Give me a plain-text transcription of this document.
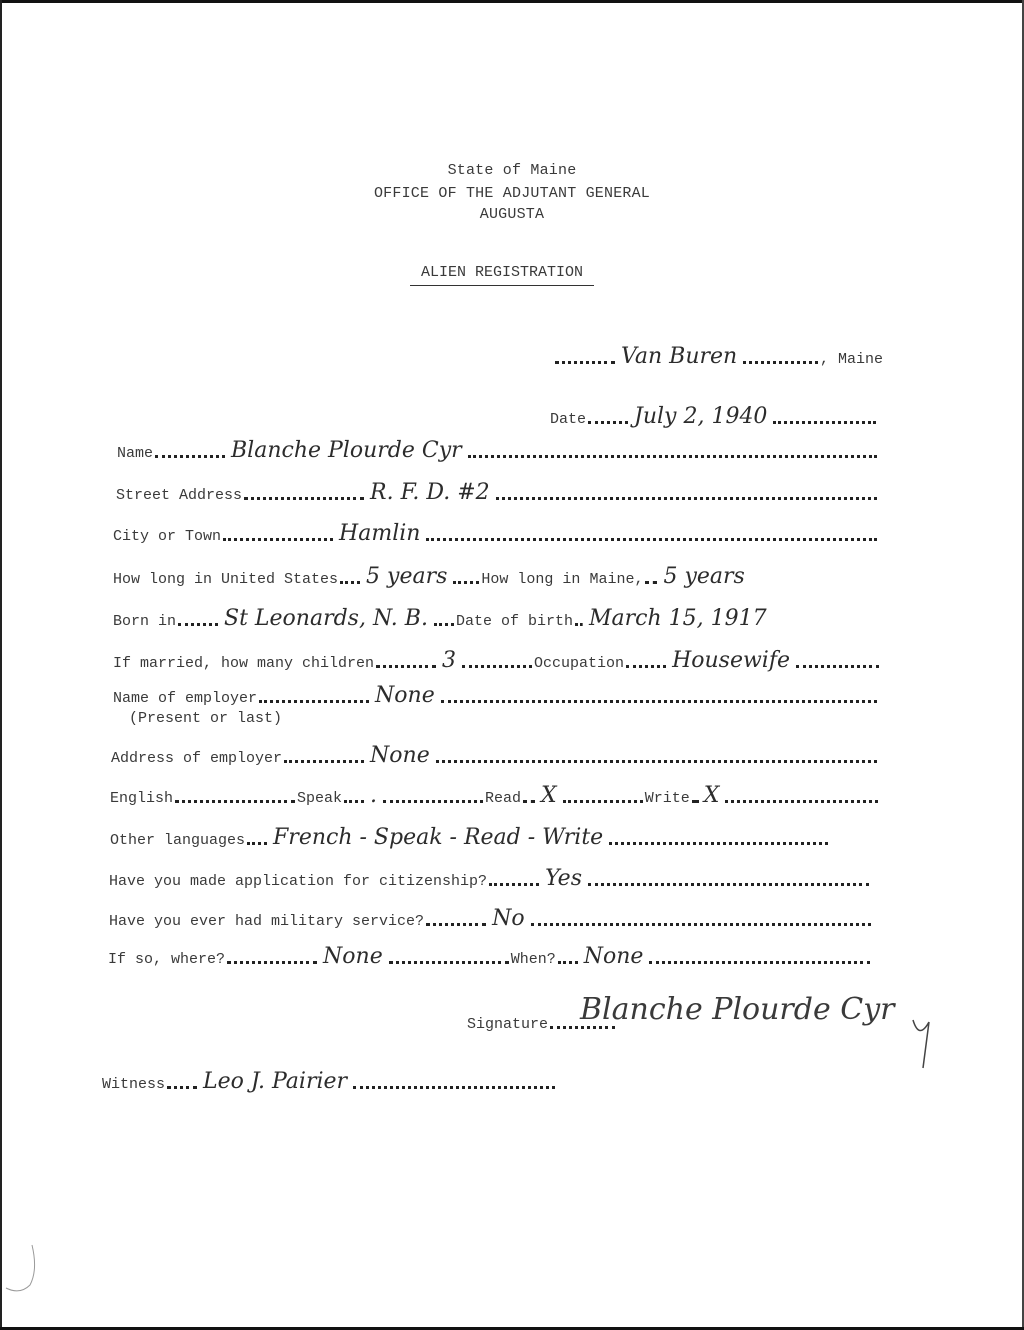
State of Maine
OFFICE OF THE ADJUTANT GENERAL
AUGUSTA
ALIEN REGISTRATION
Van Buren	, Maine
Date July 2, 1940
Name	Blanche Plourde Cyr
Street Address	R. F. D. #2
City or Town	Hamlin
How long in United States 5 years How long in Maine, 5 years
Born in St Leonards, N. B. Date of birth March 15, 1917
If married, how many children	3	Occupation Housewife
Name of employer	None
(Present or last)
Address of employer	None
English	Speak .	Read X	Write X
Other languages French - Speak - Read - Write
Have you made application for citizenship?	Yes
Have you ever had military service?	No
If so, where?	None	When? None
Signature Blanche Plourde Cyr
Witness Leo J. Pairier
